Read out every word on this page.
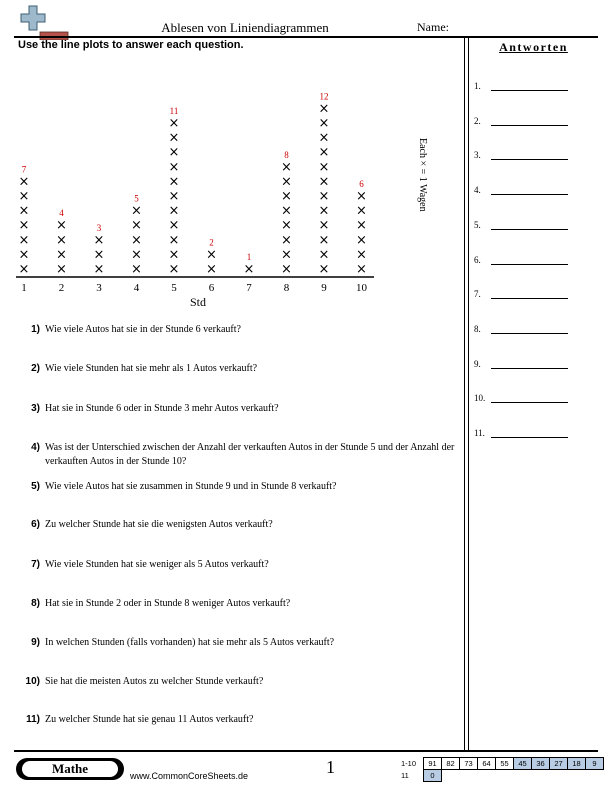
Ablesen von Liniendiagrammen	Name:
Use the line plots to answer each question.	Antworten
1.
2.
3.
4.
5.
6.
7.
8.
9.
10.
11.
×
×
×
×
×
×
×
7
×
×
×
×
4
×
×
×
3
×
×
×
×
×
5
×
×
×
×
×
×
×
×
×
×
×
11
×
×
2
×
1
×
×
×
×
×
×
×
×
8
×
×
×
×
×
×
×
×
×
×
×
×
12
×
×
×
×
×
×
6
1	2	3	4	5	6	7	8	9	10
Std
Each × = 1 Wagen
1) Wie viele Autos hat sie in der Stunde 6 verkauft?
2) Wie viele Stunden hat sie mehr als 1 Autos verkauft?
3) Hat sie in Stunde 6 oder in Stunde 3 mehr Autos verkauft?
4) Was ist der Unterschied zwischen der Anzahl der verkauften Autos in der Stunde 5 und der Anzahl der verkauften Autos in der Stunde 10?
5) Wie viele Autos hat sie zusammen in Stunde 9 und in Stunde 8 verkauft?
6) Zu welcher Stunde hat sie die wenigsten Autos verkauft?
7) Wie viele Stunden hat sie weniger als 5 Autos verkauft?
8) Hat sie in Stunde 2 oder in Stunde 8 weniger Autos verkauft?
9) In welchen Stunden (falls vorhanden) hat sie mehr als 5 Autos verkauft?
10) Sie hat die meisten Autos zu welcher Stunde verkauft?
11) Zu welcher Stunde hat sie genau 11 Autos verkauft?
Mathe	www.CommonCoreSheets.de	1	1-10	91	82	73	64	55	45	36	27	18	9
11	0									
